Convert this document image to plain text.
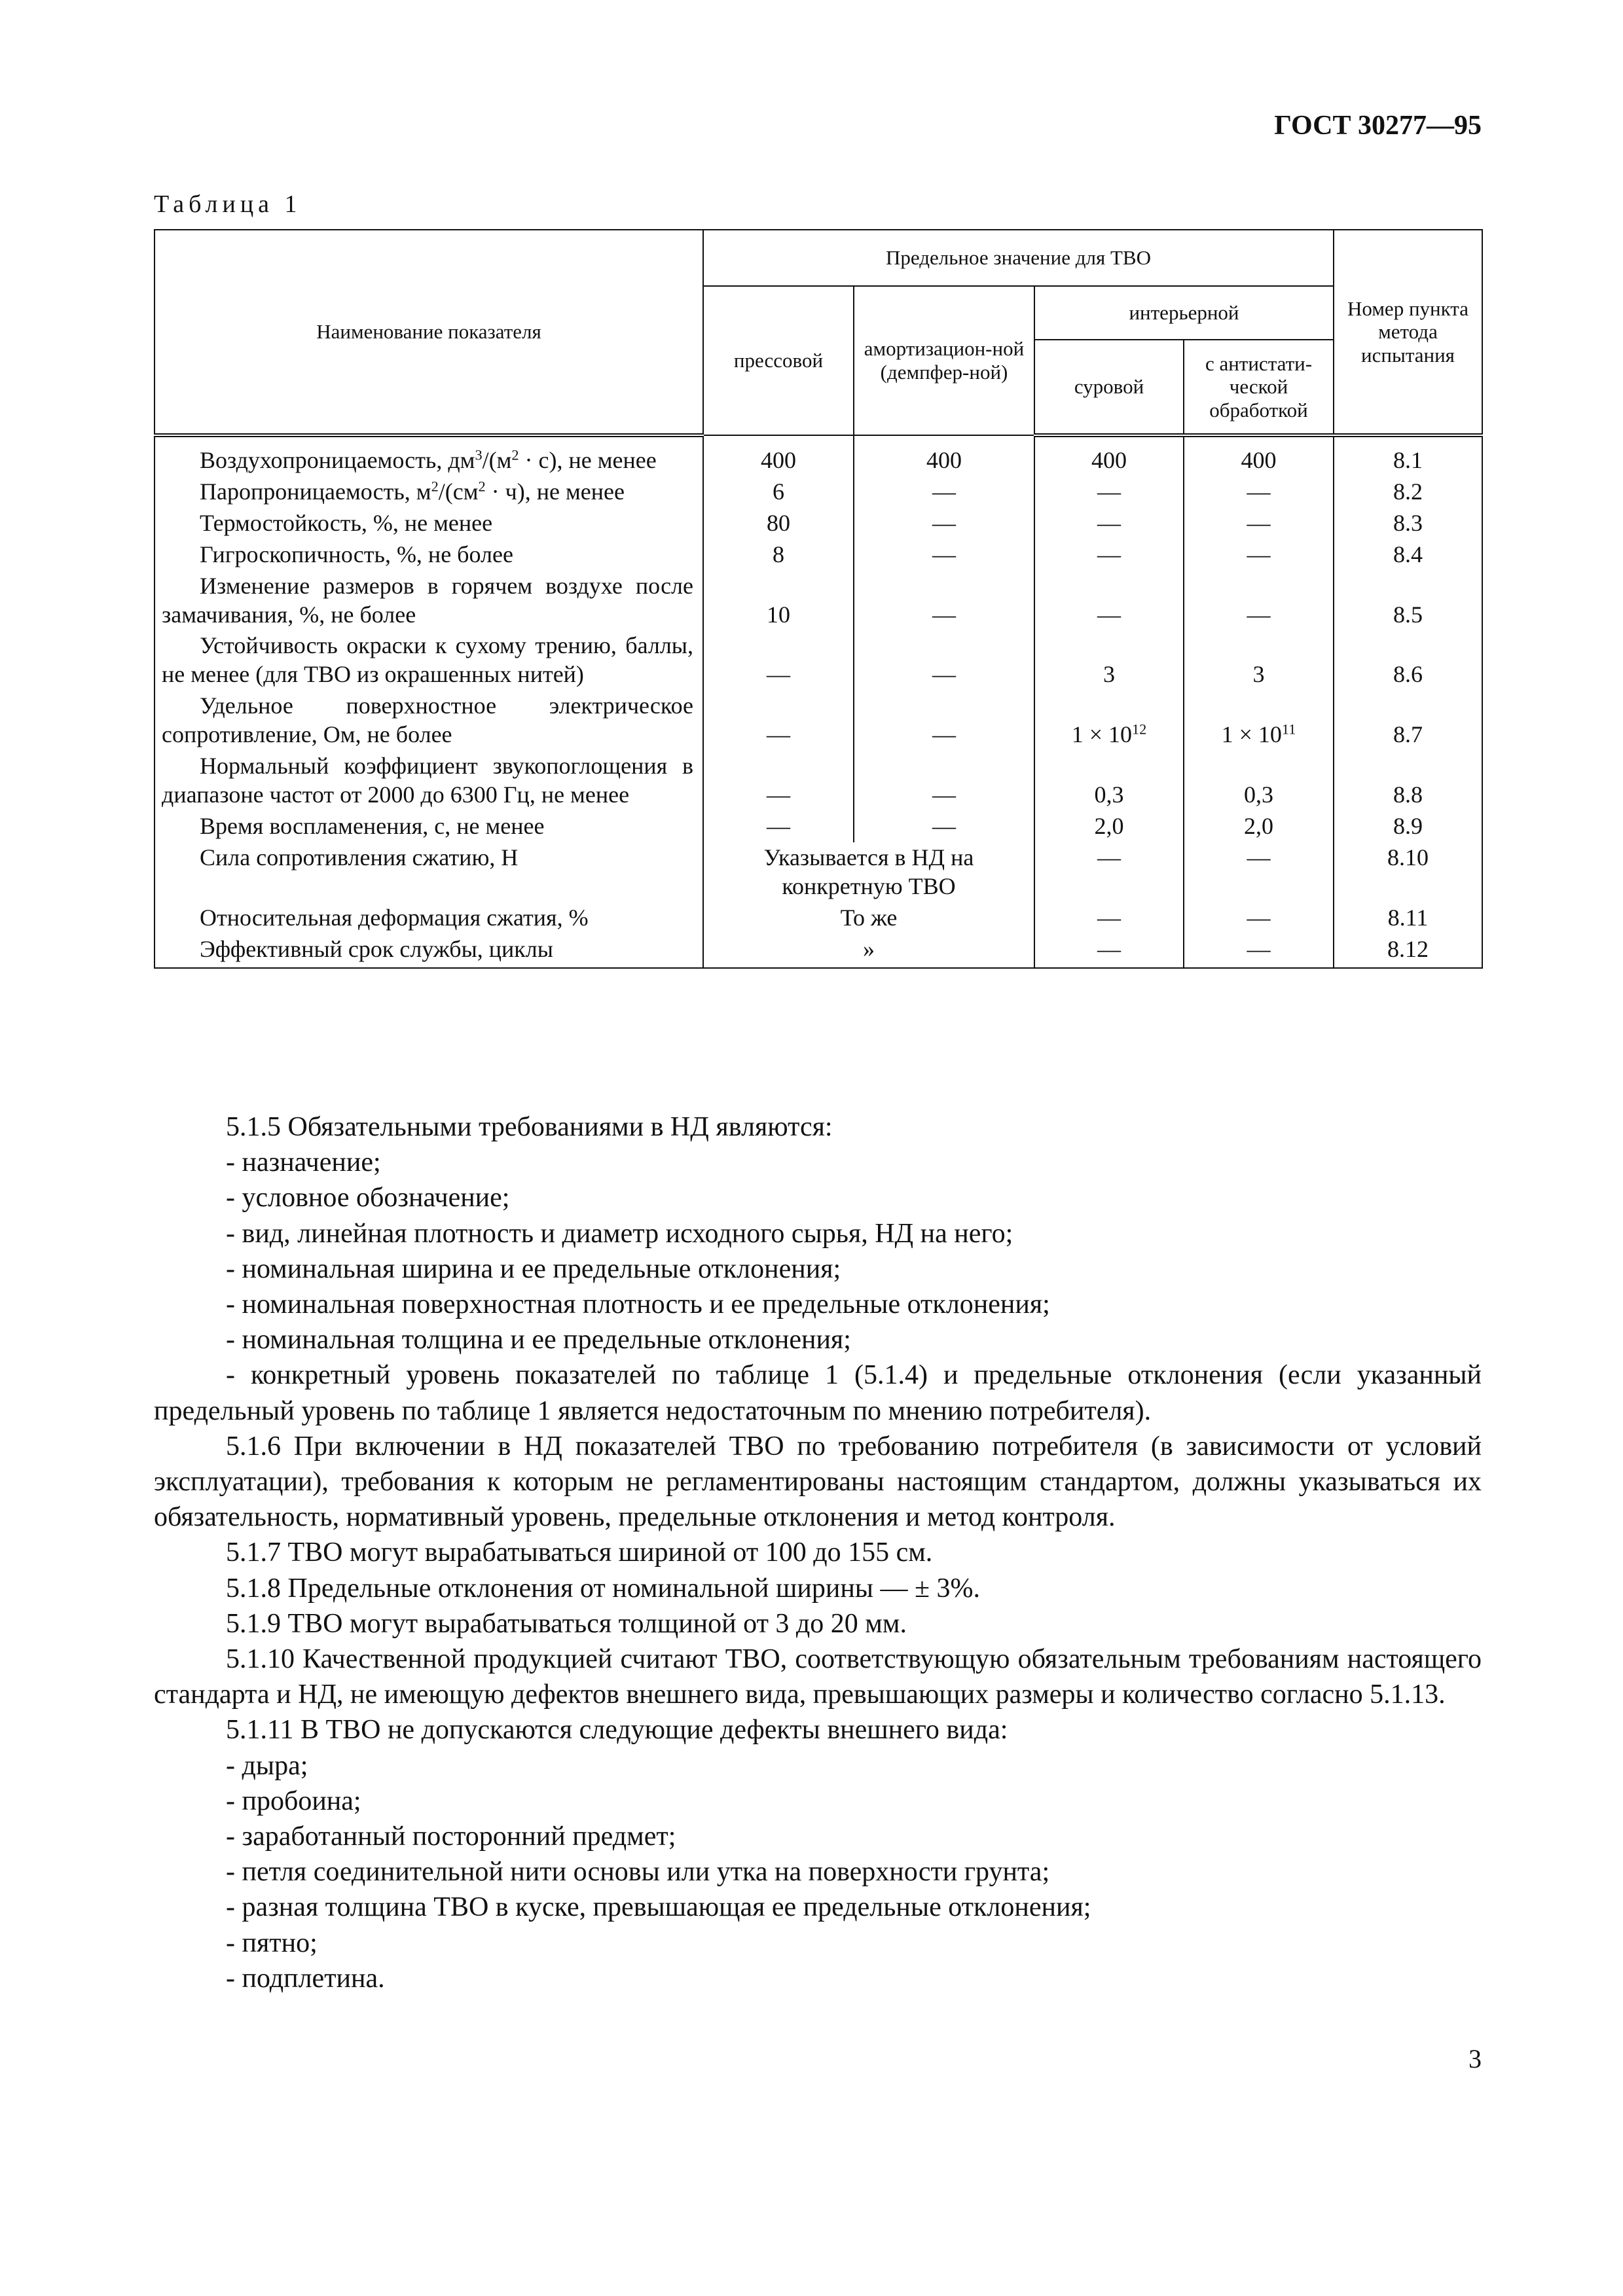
ГОСТ 30277—95
Таблица 1
Наименование показателя	Предельное значение для ТВО				Номер пункта метода испытания
	прессовой	амортизацион-ной (демпфер-ной)	интерьерной		
			суровой	с антистати-ческой обработкой	
Воздухопроницаемость, $дм^3/(м^2 \cdot с)$, не менее	400	400	400	400	8.1
Паропроницаемость, $м^2/(см^2 \cdot ч)$, не менее	6	—	—	—	8.2
Термостойкость, %, не менее	80	—	—	—	8.3
Гигроскопичность, %, не более	8	—	—	—	8.4
Изменение размеров в горячем воздухе после замачивания, %, не более	10	—	—	—	8.5
Устойчивость окраски к сухому трению, баллы, не менее (для ТВО из окрашенных нитей)	—	—	3	3	8.6
Удельное поверхностное электрическое сопротивление, Ом, не более	—	—	$1 \times 10^{12}$	$1 \times 10^{11}$	8.7
Нормальный коэффициент звукопоглощения в диапазоне частот от 2000 до 6300 Гц, не менее	—	—	0,3	0,3	8.8
Время воспламенения, с, не менее	—	—	2,0	2,0	8.9
Сила сопротивления сжатию, Н	Указывается в НД на конкретную ТВО		—	—	8.10
Относительная деформация сжатия, %	То же		—	—	8.11
Эффективный срок службы, циклы	»		—	—	8.12

5.1.5 Обязательными требованиями в НД являются:

- назначение;

- условное обозначение;

- вид, линейная плотность и диаметр исходного сырья, НД на него;

- номинальная ширина и ее предельные отклонения;

- номинальная поверхностная плотность и ее предельные отклонения;

- номинальная толщина и ее предельные отклонения;

- конкретный уровень показателей по таблице 1 (5.1.4) и предельные отклонения (если указанный предельный уровень по таблице 1 является недостаточным по мнению потребителя).

5.1.6 При включении в НД показателей ТВО по требованию потребителя (в зависимости от условий эксплуатации), требования к которым не регламентированы настоящим стандартом, должны указываться их обязательность, нормативный уровень, предельные отклонения и метод контроля.

5.1.7 ТВО могут вырабатываться шириной от 100 до 155 см.

5.1.8 Предельные отклонения от номинальной ширины — ± 3%.

5.1.9 ТВО могут вырабатываться толщиной от 3 до 20 мм.

5.1.10 Качественной продукцией считают ТВО, соответствующую обязательным требованиям настоящего стандарта и НД, не имеющую дефектов внешнего вида, превышающих размеры и количество согласно 5.1.13.

5.1.11 В ТВО не допускаются следующие дефекты внешнего вида:

- дыра;

- пробоина;

- заработанный посторонний предмет;

- петля соединительной нити основы или утка на поверхности грунта;

- разная толщина ТВО в куске, превышающая ее предельные отклонения;

- пятно;

- подплетина.

3
